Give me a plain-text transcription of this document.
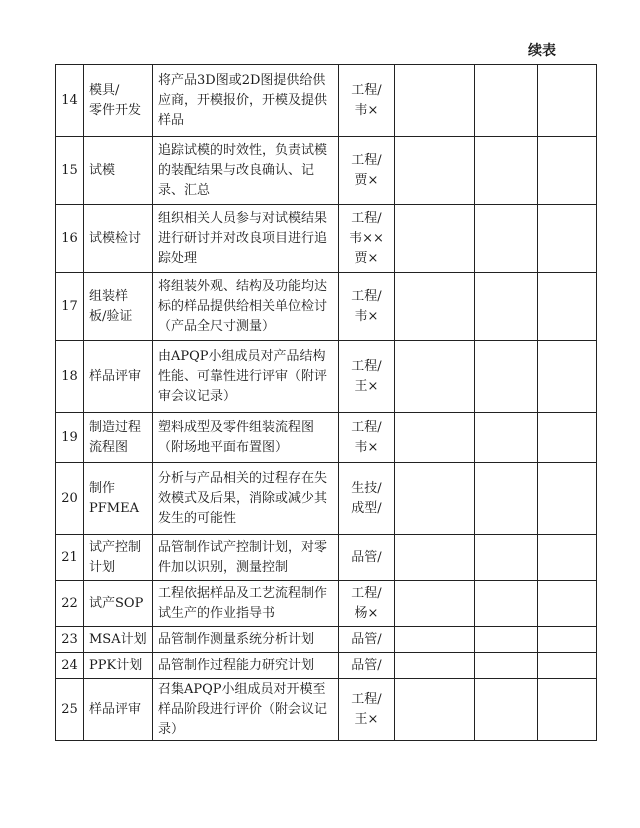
续表
14	模具/
零件开发	将产品3D图或2D图提供给供应商，开模报价，开模及提供样品	工程/
韦×			

15	试模	追踪试模的时效性，负责试模的装配结果与改良确认、记录、汇总	工程/
贾×			

16	试模检讨	组织相关人员参与对试模结果进行研讨并对改良项目进行追踪处理	工程/
韦××
贾×			

17	组装样
板/验证	将组装外观、结构及功能均达标的样品提供给相关单位检讨（产品全尺寸测量）	工程/
韦×			

18	样品评审	由APQP小组成员对产品结构性能、可靠性进行评审（附评审会议记录）	工程/
王×			

19	制造过程
流程图	塑料成型及零件组装流程图（附场地平面布置图）	工程/
韦×			

20	制作
PFMEA	分析与产品相关的过程存在失效模式及后果，消除或减少其发生的可能性	生技/
成型/			

21	试产控制
计划	品管制作试产控制计划，对零件加以识别，测量控制	品管/			

22	试产SOP	工程依据样品及工艺流程制作试生产的作业指导书	工程/
杨×			

23	MSA计划	品管制作测量系统分析计划	品管/			

24	PPK计划	品管制作过程能力研究计划	品管/			

25	样品评审	召集APQP小组成员对开模至样品阶段进行评价（附会议记录）	工程/
王×			
